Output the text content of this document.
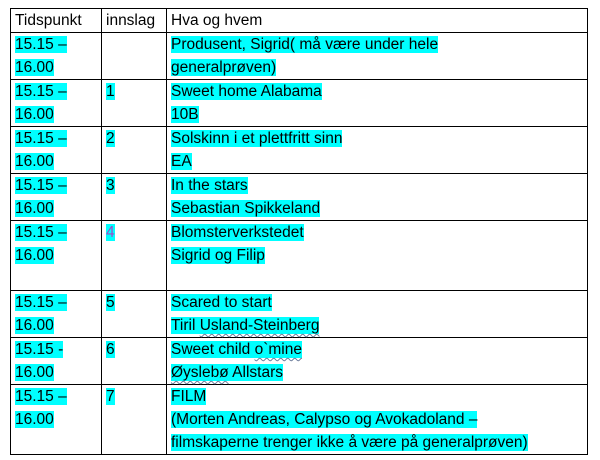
Tidspunkt	innslag	Hva og hvem
15.15 –
16.00		Produsent, Sigrid( må være under hele
generalprøven)
15.15 –
16.00	1	Sweet home Alabama
10B
15.15 –
16.00	2	Solskinn i et plettfritt sinn
EA
15.15 –
16.00	3	In the stars
Sebastian Spikkeland
15.15 –
16.00	4	Blomsterverkstedet
Sigrid og Filip
15.15 –
16.00	5	Scared to start
Tiril Usland-Steinberg
15.15 -
16.00	6	Sweet child o`mine
Øyslebø Allstars
15.15 –
16.00	7	FILM
(Morten Andreas, Calypso og Avokadoland –
filmskaperne trenger ikke å være på generalprøven)
